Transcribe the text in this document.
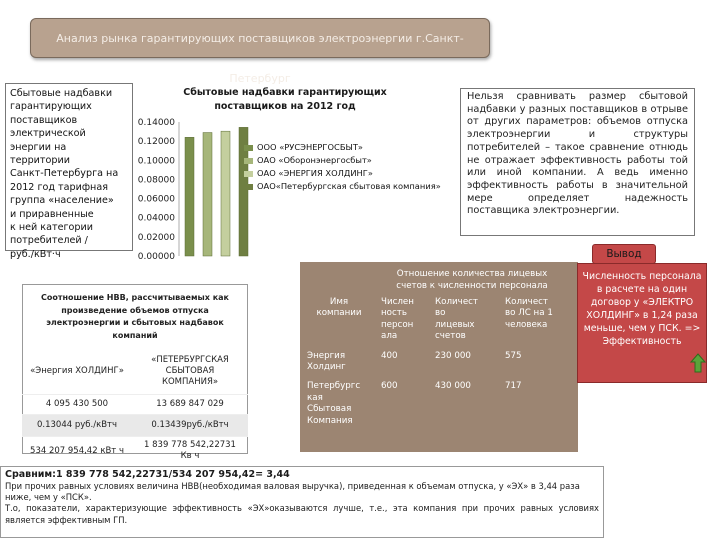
Анализ рынка гарантирующих поставщиков электроэнергии г.Санкт-Петербург
Сбытовые надбавки
гарантирующих
поставщиков
электрической
энергии на территории
Санкт-Петербурга на
2012 год тарифная
группа «население»
и приравненные
к ней категории
потребителей /
руб./кВт·ч
Сбытовые надбавки гарантирующих
поставщиков на 2012 год
0.00000
0.02000
0.04000
0.06000
0.08000
0.10000
0.12000
0.14000
ООО «РУСЭНЕРГОСБЫТ»
ОАО «Оборонэнергосбыт»
ОАО «ЭНЕРГИЯ ХОЛДИНГ»
ОАО«Петербургская сбытовая компания»
Нельзя сравнивать размер сбытовой надбавки у разных поставщиков в отрыве от других параметров: объемов отпуска электроэнергии и структуры потребителей – такое сравнение отнюдь не отражает эффективность работы той или иной компании. А ведь именно эффективность работы в значительной мере определяет надежность поставщика электроэнергии.
Отношение количества лицевых
счетов к численности персонала
Имя
компании	Числен
ность
персон
ала	Количест
во
лицевых
счетов	Количест
во ЛС на 1
человека
Энергия
Холдинг	400	230 000	575
Петербургс
кая
Сбытовая
Компания	600	430 000	717
Соотношение НВВ, рассчитываемых как
произведение объемов отпуска
электроэнергии и сбытовых надбавок
компаний
«Энергия ХОЛДИНГ»	«ПЕТЕРБУРГСКАЯ
СБЫТОВАЯ
КОМПАНИЯ»
4 095 430 500	13 689 847 029
0.13044 руб./кВтч	0.13439руб./кВтч
534 207 954,42 кВт ч	1 839 778 542,22731
Кв ч
Вывод
Численность персонала в расчете на один договор у «ЭЛЕКТРО ХОЛДИНГ» в 1,24 раза меньше, чем у ПСК. => Эффективность
Сравним:1 839 778 542,22731/534 207 954,42= 3,44
При прочих равных условиях величина НВВ(необходимая валовая выручка), приведенная к объемам отпуска, у «ЭХ» в 3,44 раза ниже, чем у «ПСК».
Т.о, показатели, характеризующие эффективность «ЭХ»оказываются лучше, т.е., эта компания при прочих равных условиях является эффективным ГП.
